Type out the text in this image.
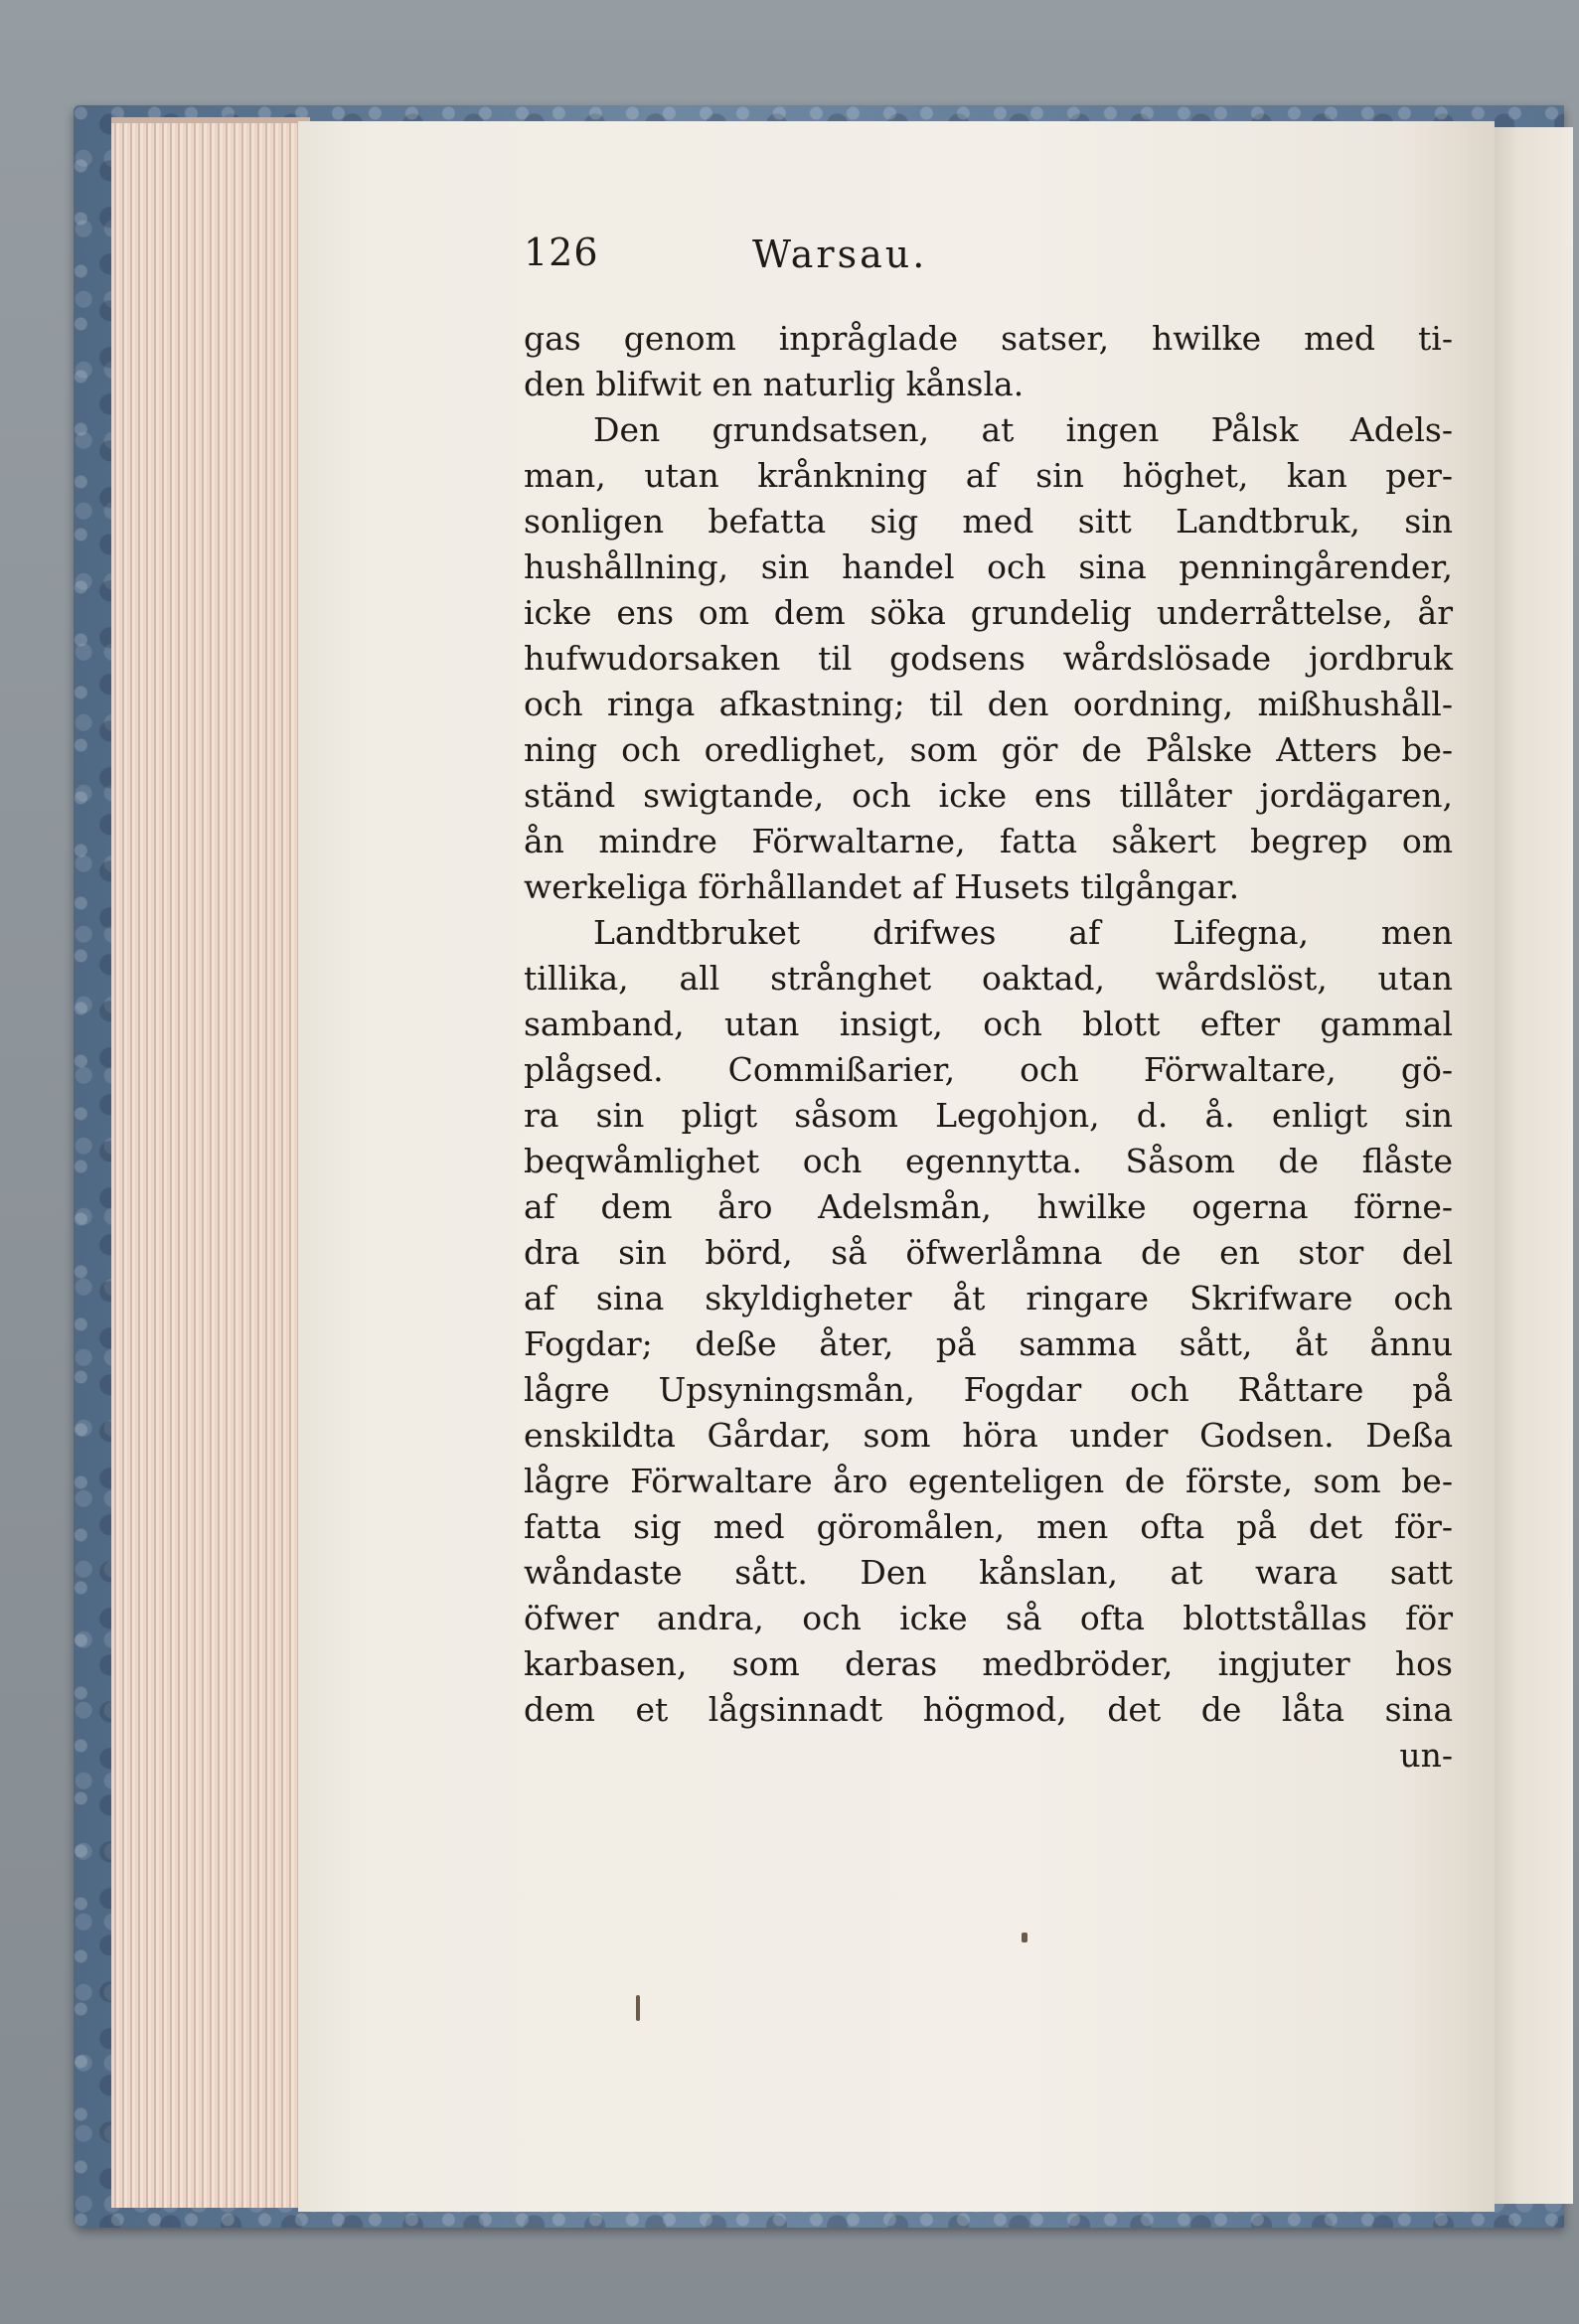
126	Warsau.
gas genom inpråglade satser, hwilke med ti-
den blifwit en naturlig kånsla.
Den grundsatsen, at ingen Pålsk Adels-
man, utan krånkning af sin höghet, kan per-
sonligen befatta sig med sitt Landtbruk, sin
hushållning, sin handel och sina penningårender,
icke ens om dem söka grundelig underråttelse, år
hufwudorsaken til godsens wårdslösade jordbruk
och ringa afkastning; til den oordning, mißhushåll-
ning och oredlighet, som gör de Pålske Atters be-
ständ swigtande, och icke ens tillåter jordägaren,
ån mindre Förwaltarne, fatta såkert begrep om
werkeliga förhållandet af Husets tilgångar.
Landtbruket drifwes af Lifegna, men
tillika, all strånghet oaktad, wårdslöst, utan
samband, utan insigt, och blott efter gammal
plågsed. Commißarier, och Förwaltare, gö-
ra sin pligt såsom Legohjon, d. å. enligt sin
beqwåmlighet och egennytta. Såsom de flåste
af dem åro Adelsmån, hwilke ogerna förne-
dra sin börd, så öfwerlåmna de en stor del
af sina skyldigheter åt ringare Skrifware och
Fogdar; deße åter, på samma sått, åt ånnu
lågre Upsyningsmån, Fogdar och Råttare på
enskildta Gårdar, som höra under Godsen. Deßa
lågre Förwaltare åro egenteligen de förste, som be-
fatta sig med göromålen, men ofta på det för-
wåndaste sått. Den kånslan, at wara satt
öfwer andra, och icke så ofta blottstållas för
karbasen, som deras medbröder, ingjuter hos
dem et lågsinnadt högmod, det de låta sina
un-
